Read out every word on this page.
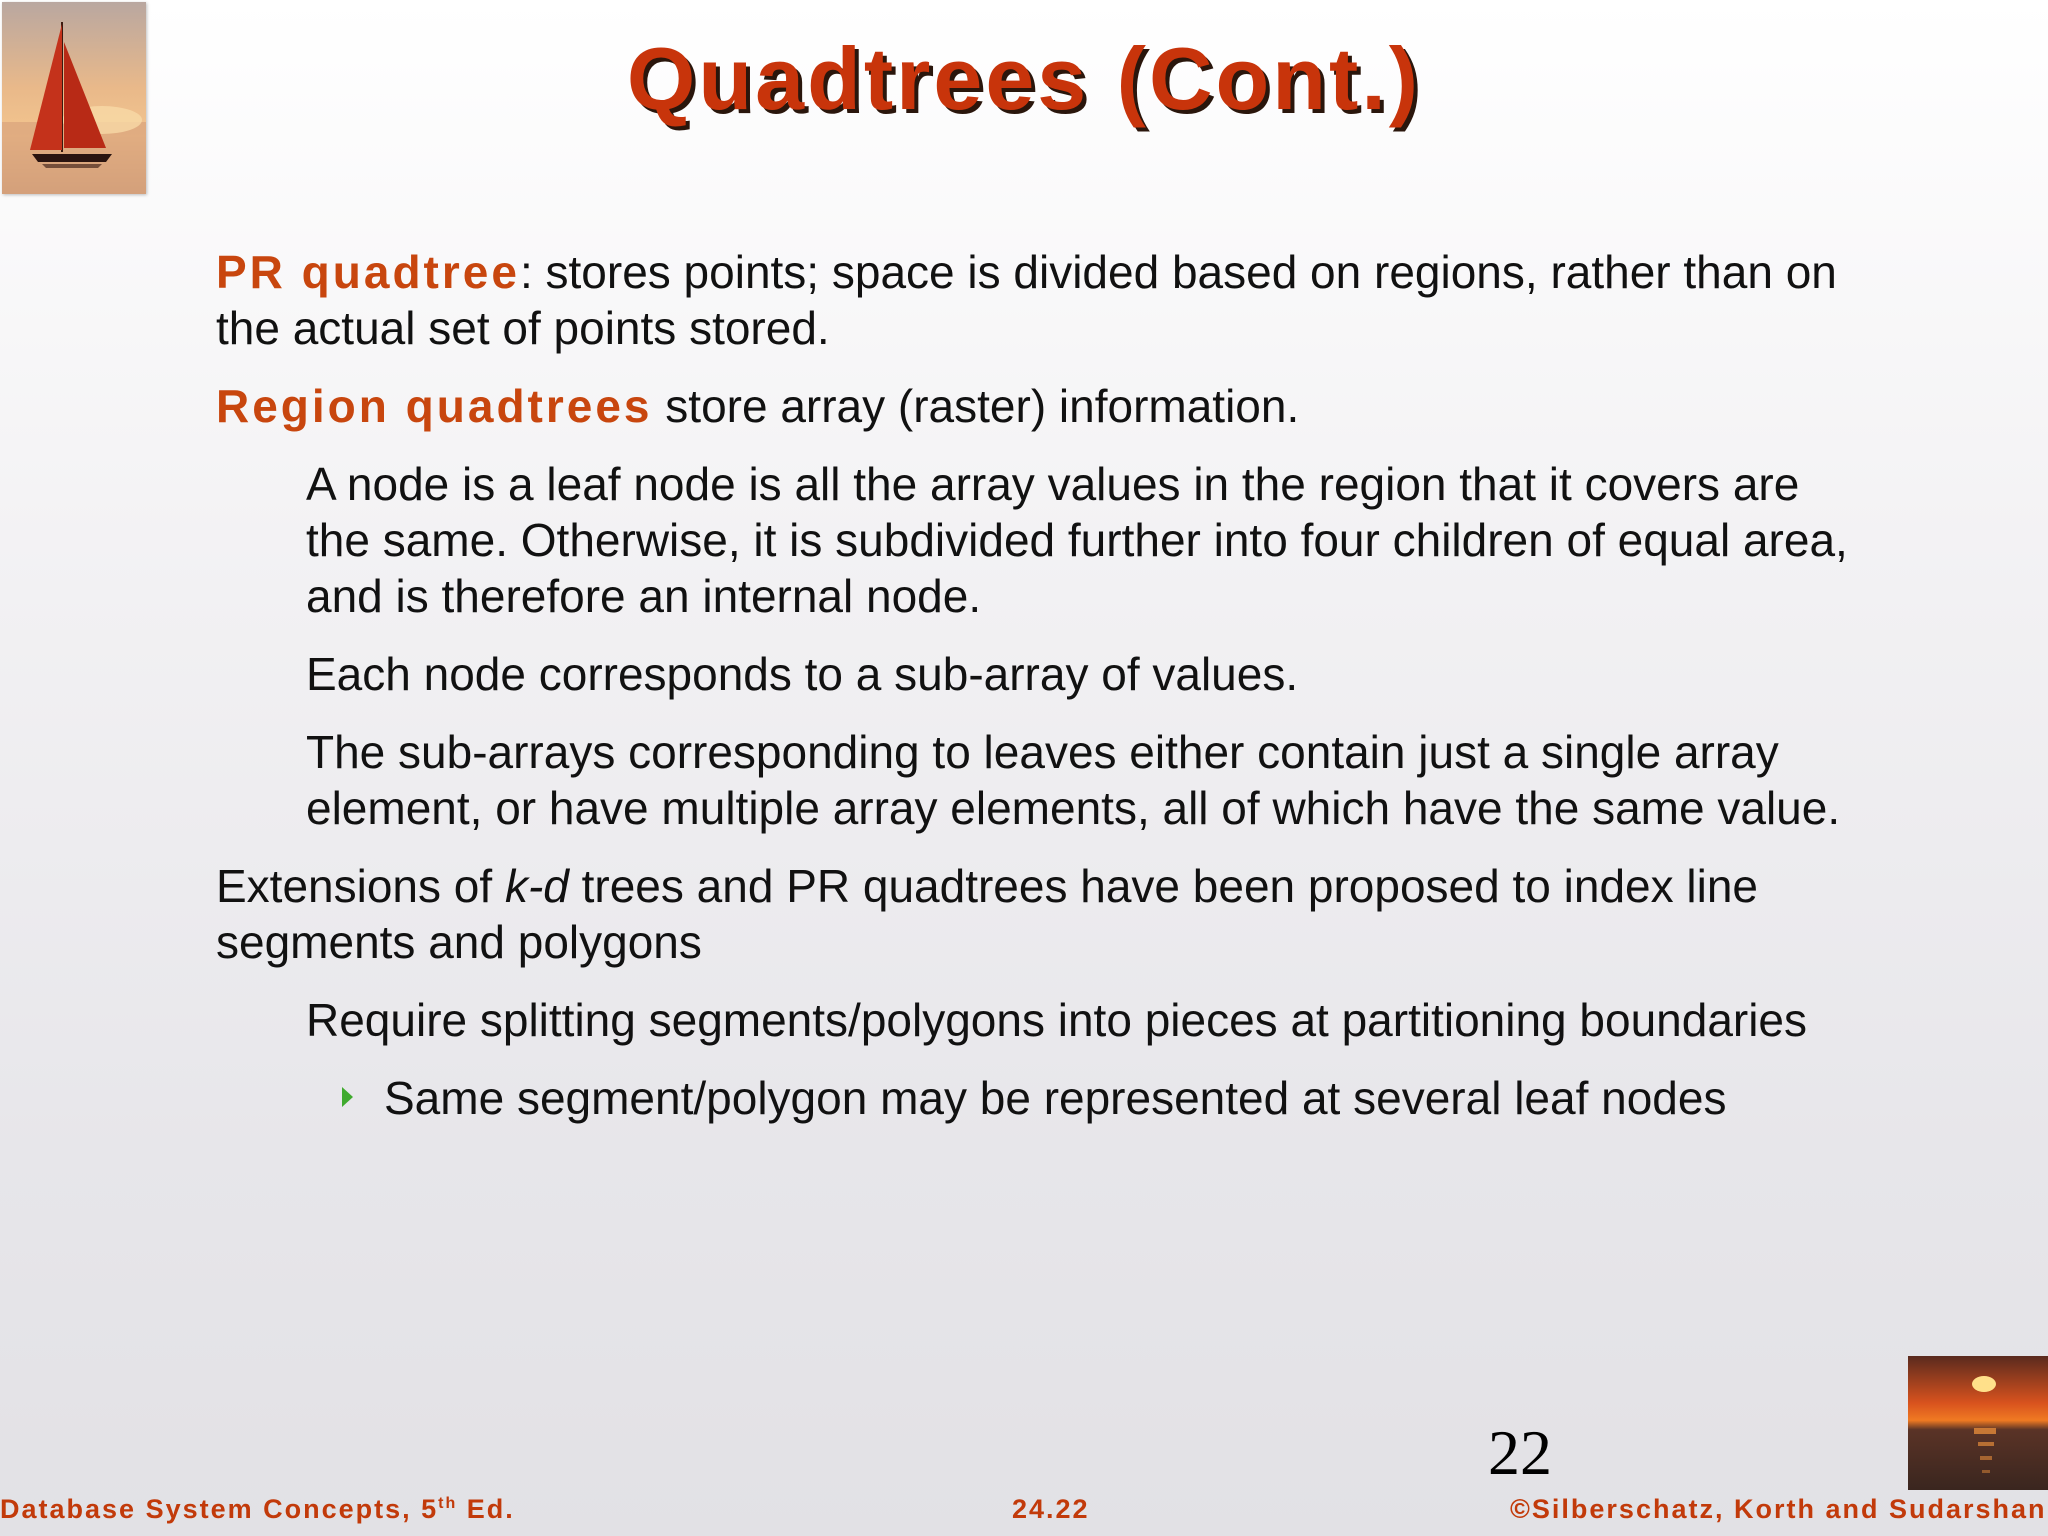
Quadtrees (Cont.)

PR quadtree: stores points; space is divided based on regions, rather than on the actual set of points stored.

Region quadtrees store array (raster) information.

A node is a leaf node is all the array values in the region that it covers are the same. Otherwise, it is subdivided further into four children of equal area, and is therefore an internal node.

Each node corresponds to a sub-array of values.

The sub-arrays corresponding to leaves either contain just a single array element, or have multiple array elements, all of which have the same value.

Extensions of k-d trees and PR quadtrees have been proposed to index line segments and polygons

Require splitting segments/polygons into pieces at partitioning boundaries

Same segment/polygon may be represented at several leaf nodes

22
Database System Concepts, 5th Ed.	24.22	©Silberschatz, Korth and Sudarshan
